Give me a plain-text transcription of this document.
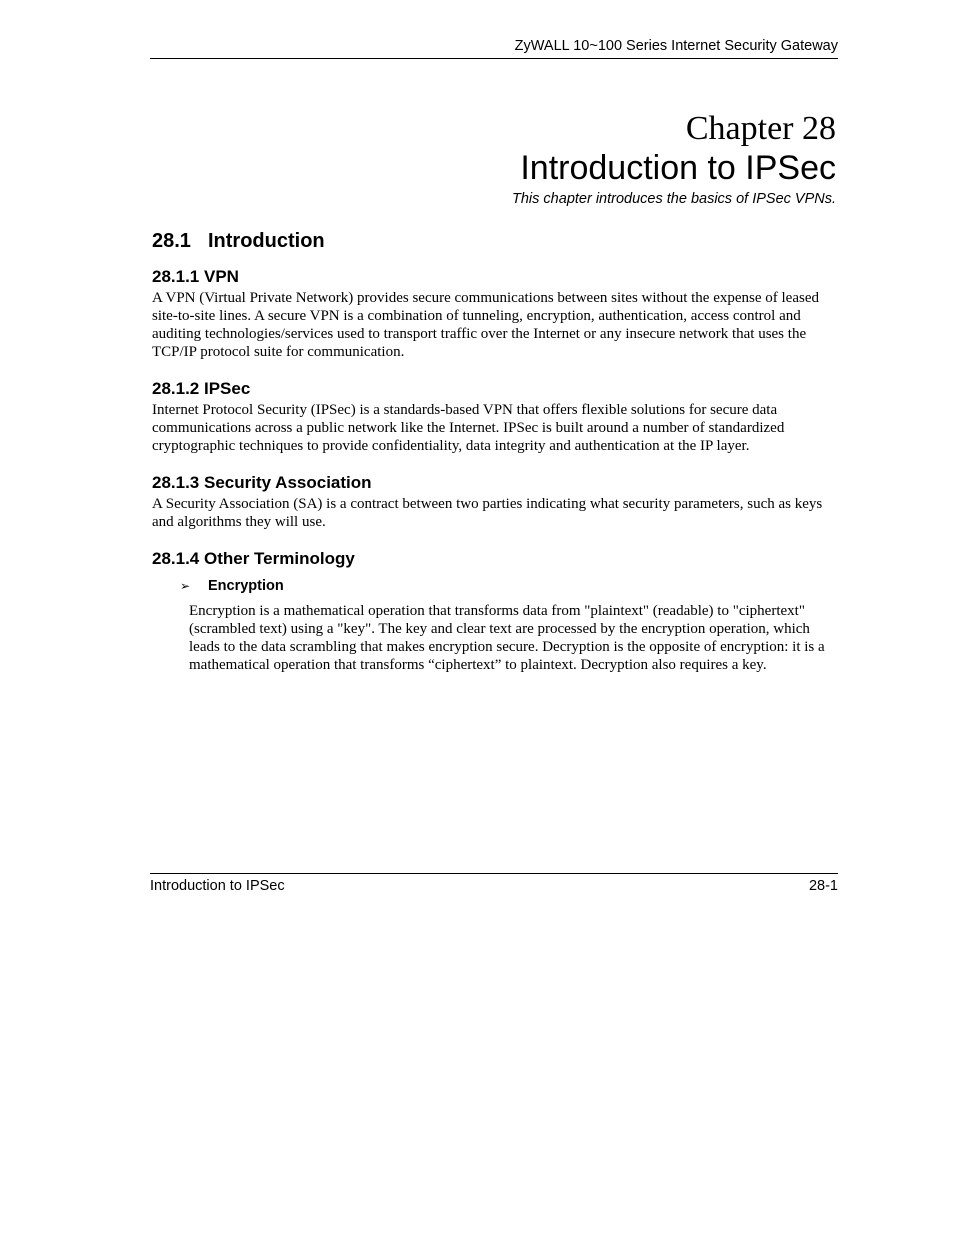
ZyWALL 10~100 Series Internet Security Gateway
Chapter 28
Introduction to IPSec

This chapter introduces the basics of IPSec VPNs.

28.1 Introduction
28.1.1 VPN

A VPN (Virtual Private Network) provides secure communications between sites without the expense of leased site-to-site lines. A secure VPN is a combination of tunneling, encryption, authentication, access control and auditing technologies/services used to transport traffic over the Internet or any insecure network that uses the TCP/IP protocol suite for communication.

28.1.2 IPSec

Internet Protocol Security (IPSec) is a standards-based VPN that offers flexible solutions for secure data communications across a public network like the Internet. IPSec is built around a number of standardized cryptographic techniques to provide confidentiality, data integrity and authentication at the IP layer.

28.1.3 Security Association

A Security Association (SA) is a contract between two parties indicating what security parameters, such as keys and algorithms they will use.

28.1.4 Other Terminology
➢	Encryption

Encryption is a mathematical operation that transforms data from "plaintext" (readable) to "ciphertext" (scrambled text) using a "key". The key and clear text are processed by the encryption operation, which leads to the data scrambling that makes encryption secure. Decryption is the opposite of encryption: it is a mathematical operation that transforms “ciphertext” to plaintext. Decryption also requires a key.

Introduction to IPSec	28-1
